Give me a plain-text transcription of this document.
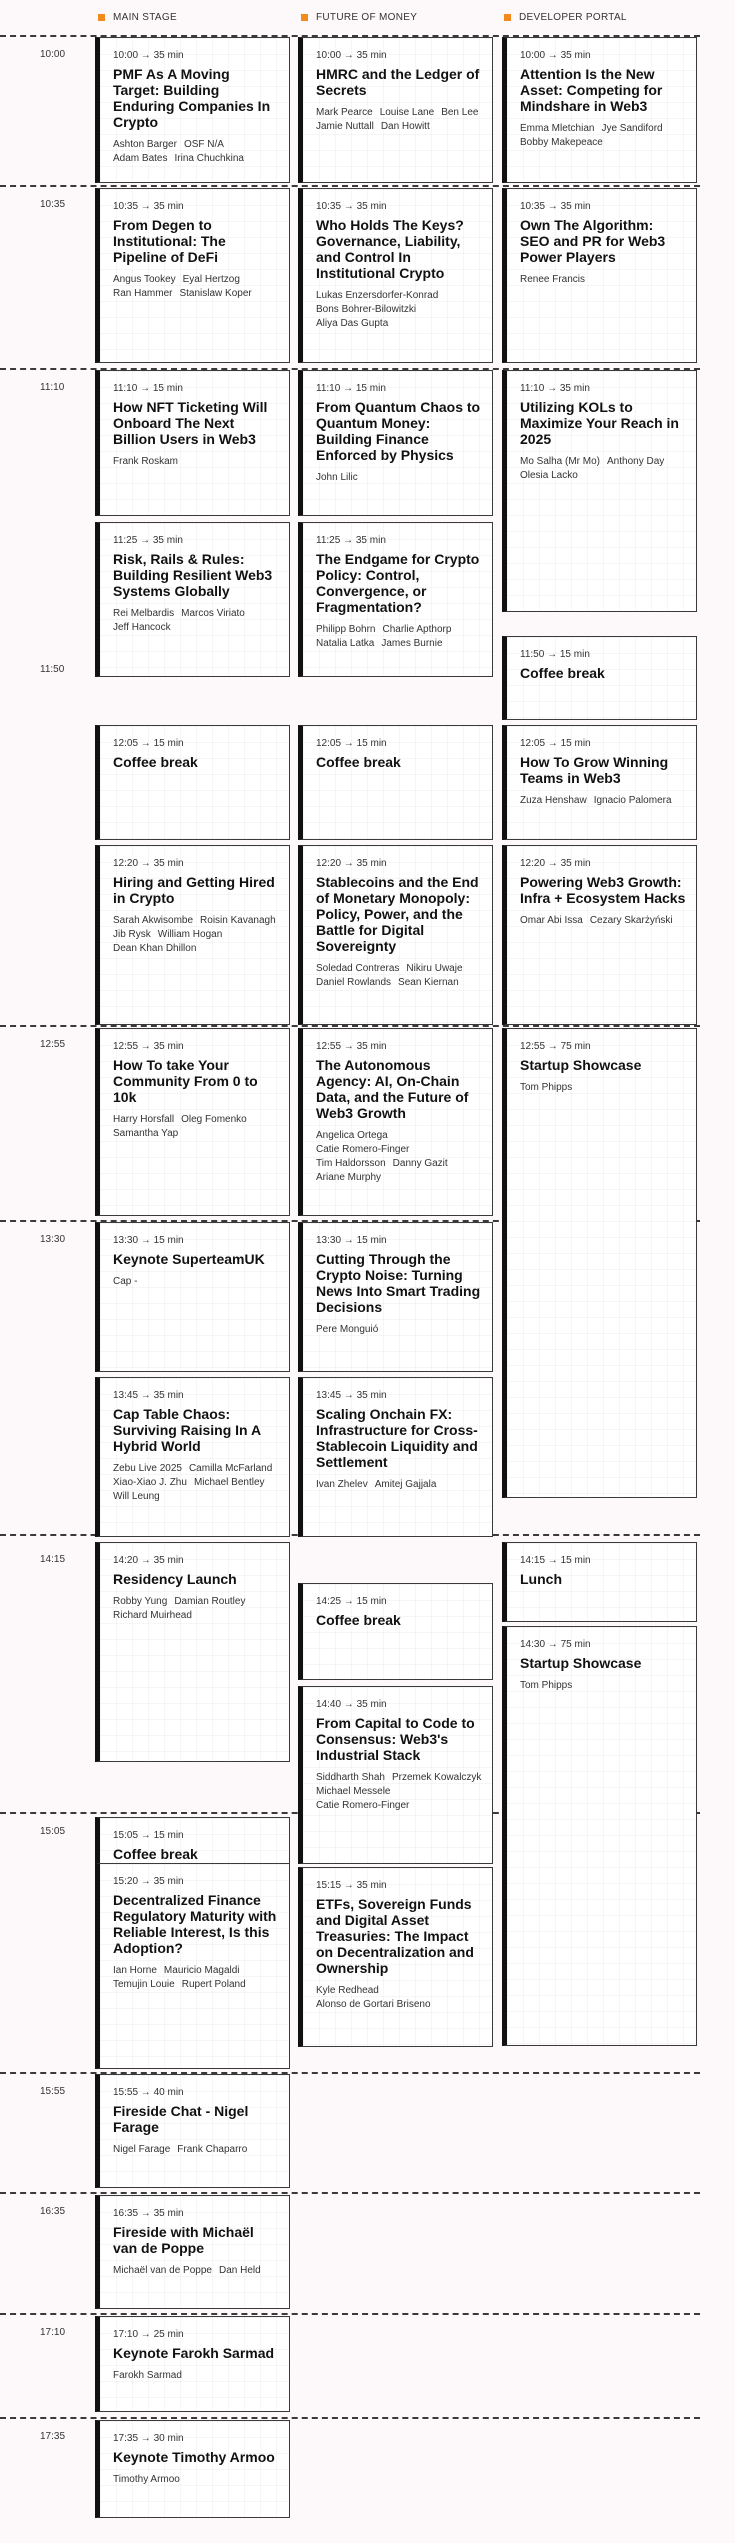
MAIN STAGE	FUTURE OF MONEY	DEVELOPER PORTAL
10:00
10:35
11:10
11:50
12:55
13:30
14:15
15:05
15:55
16:35
17:10
17:35
10:00 → 35 min
PMF As A Moving Target: Building Enduring Companies In Crypto
Ashton Barger OSF N/A
Adam Bates Irina Chuchkina
10:00 → 35 min
HMRC and the Ledger of Secrets
Mark Pearce Louise Lane Ben Lee
Jamie Nuttall Dan Howitt
10:00 → 35 min
Attention Is the New Asset: Competing for Mindshare in Web3
Emma Mletchian Jye Sandiford
Bobby Makepeace
10:35 → 35 min
From Degen to Institutional: The Pipeline of DeFi
Angus Tookey Eyal Hertzog
Ran Hammer Stanislaw Koper
10:35 → 35 min
Who Holds The Keys? Governance, Liability, and Control In Institutional Crypto
Lukas Enzersdorfer-Konrad
Bons Bohrer-Bilowitzki
Aliya Das Gupta
10:35 → 35 min
Own The Algorithm: SEO and PR for Web3 Power Players
Renee Francis
11:10 → 15 min
How NFT Ticketing Will Onboard The Next Billion Users in Web3
Frank Roskam
11:10 → 15 min
From Quantum Chaos to Quantum Money: Building Finance Enforced by Physics
John Lilic
11:10 → 35 min
Utilizing KOLs to Maximize Your Reach in 2025
Mo Salha (Mr Mo) Anthony Day
Olesia Lacko
11:25 → 35 min
Risk, Rails & Rules: Building Resilient Web3 Systems Globally
Rei Melbardis Marcos Viriato
Jeff Hancock
11:25 → 35 min
The Endgame for Crypto Policy: Control, Convergence, or Fragmentation?
Philipp Bohrn Charlie Apthorp
Natalia Latka James Burnie
11:50 → 15 min
Coffee break
12:05 → 15 min
Coffee break
12:05 → 15 min
Coffee break
12:05 → 15 min
How To Grow Winning Teams in Web3
Zuza Henshaw Ignacio Palomera
12:20 → 35 min
Hiring and Getting Hired in Crypto
Sarah Akwisombe Roisin Kavanagh
Jib Rysk William Hogan
Dean Khan Dhillon
12:20 → 35 min
Stablecoins and the End of Monetary Monopoly: Policy, Power, and the Battle for Digital Sovereignty
Soledad Contreras Nikiru Uwaje
Daniel Rowlands Sean Kiernan
12:20 → 35 min
Powering Web3 Growth: Infra + Ecosystem Hacks
Omar Abi Issa Cezary Skarżyński
12:55 → 35 min
How To take Your Community From 0 to 10k
Harry Horsfall Oleg Fomenko
Samantha Yap
12:55 → 35 min
The Autonomous Agency: AI, On-Chain Data, and the Future of Web3 Growth
Angelica Ortega
Catie Romero-Finger
Tim Haldorsson Danny Gazit
Ariane Murphy
12:55 → 75 min
Startup Showcase
Tom Phipps
13:30 → 15 min
Keynote SuperteamUK
Cap -
13:30 → 15 min
Cutting Through the Crypto Noise: Turning News Into Smart Trading Decisions
Pere Monguió
13:45 → 35 min
Cap Table Chaos: Surviving Raising In A Hybrid World
Zebu Live 2025 Camilla McFarland
Xiao-Xiao J. Zhu Michael Bentley
Will Leung
13:45 → 35 min
Scaling Onchain FX: Infrastructure for Cross-Stablecoin Liquidity and Settlement
Ivan Zhelev Amitej Gajjala
14:20 → 35 min
Residency Launch
Robby Yung Damian Routley
Richard Muirhead
14:15 → 15 min
Lunch
14:25 → 15 min
Coffee break
14:30 → 75 min
Startup Showcase
Tom Phipps
14:40 → 35 min
From Capital to Code to Consensus: Web3's Industrial Stack
Siddharth Shah Przemek Kowalczyk
Michael Messele
Catie Romero-Finger
15:05 → 15 min
Coffee break
15:15 → 35 min
ETFs, Sovereign Funds and Digital Asset Treasuries: The Impact on Decentralization and Ownership
Kyle Redhead
Alonso de Gortari Briseno
15:20 → 35 min
Decentralized Finance Regulatory Maturity with Reliable Interest, Is this Adoption?
Ian Horne Mauricio Magaldi
Temujin Louie Rupert Poland
15:55 → 40 min
Fireside Chat - Nigel Farage
Nigel Farage Frank Chaparro
16:35 → 35 min
Fireside with Michaël van de Poppe
Michaël van de Poppe Dan Held
17:10 → 25 min
Keynote Farokh Sarmad
Farokh Sarmad
17:35 → 30 min
Keynote Timothy Armoo
Timothy Armoo
